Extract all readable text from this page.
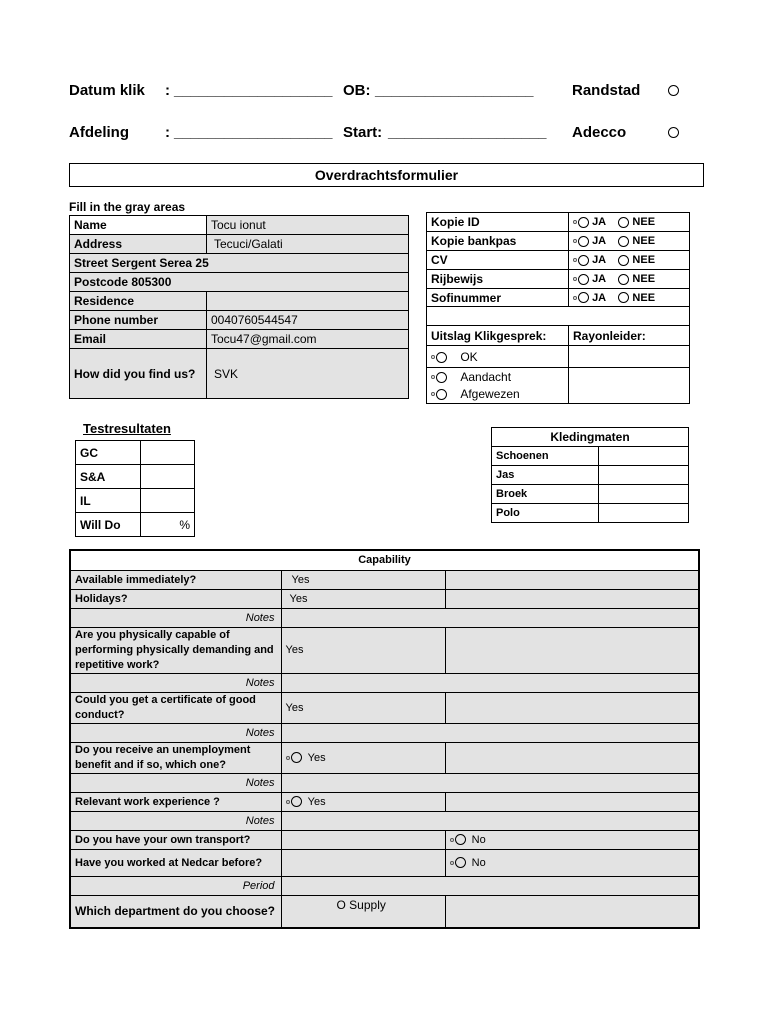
Datum klik : ___________________ OB: ___________________	Randstad
Afdeling : ___________________ Start: ___________________ Adecco
Overdrachtsformulier
Fill in the gray areas
Name	Tocu ionut
Address	Tecuci/Galati
Street Sergent Serea 25	
Postcode 805300	
Residence	
Phone number	0040760544547
Email	Tocu47@gmail.com
How did you find us?	SVK
Kopie ID	JA NEE
Kopie bankpas	JA NEE
CV	JA NEE
Rijbewijs	JA NEE
Sofinummer	JA NEE

Uitslag Klikgesprek:	Rayonleider:
OK	

Aandacht
Afgewezen	

Testresultaten
GC	
S&A	
IL	
Will Do	%
Kledingmaten	
Schoenen	
Jas	
Broek	
Polo	
Capability		
Available immediately?	Yes	
Holidays?	Yes	
Notes		
Are you physically capable of performing physically demanding and repetitive work?	Yes	
Notes		
Could you get a certificate of good conduct?	Yes	
Notes		
Do you receive an unemployment benefit and if so, which one?	Yes	
Notes		
Relevant work experience ?	Yes	
Notes		
Do you have your own transport?		No
Have you worked at Nedcar before?		No
Period		
Which department do you choose?	O Supply	
